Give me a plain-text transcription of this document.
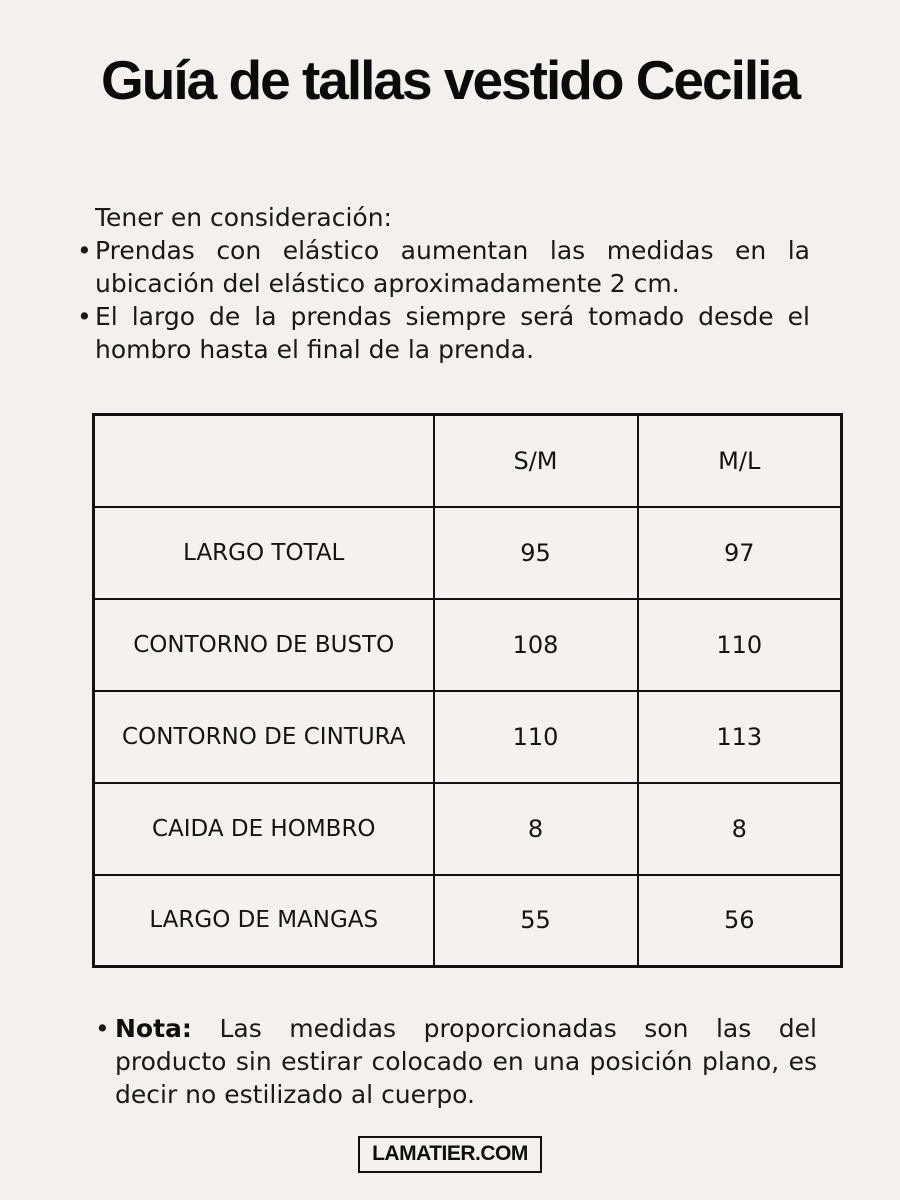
Guía de tallas vestido Cecilia

Tener en consideración:

• Prendas con elástico aumentan las medidas en la ubicación del elástico aproximadamente 2 cm.
• El largo de la prendas siempre será tomado desde el hombro hasta el final de la prenda.
	S/M	M/L
LARGO TOTAL	95	97
CONTORNO DE BUSTO	108	110
CONTORNO DE CINTURA	110	113
CAIDA DE HOMBRO	8	8
LARGO DE MANGAS	55	56
• Nota: Las medidas proporcionadas son las del producto sin estirar colocado en una posición plano, es decir no estilizado al cuerpo.
LAMATIER.COM
